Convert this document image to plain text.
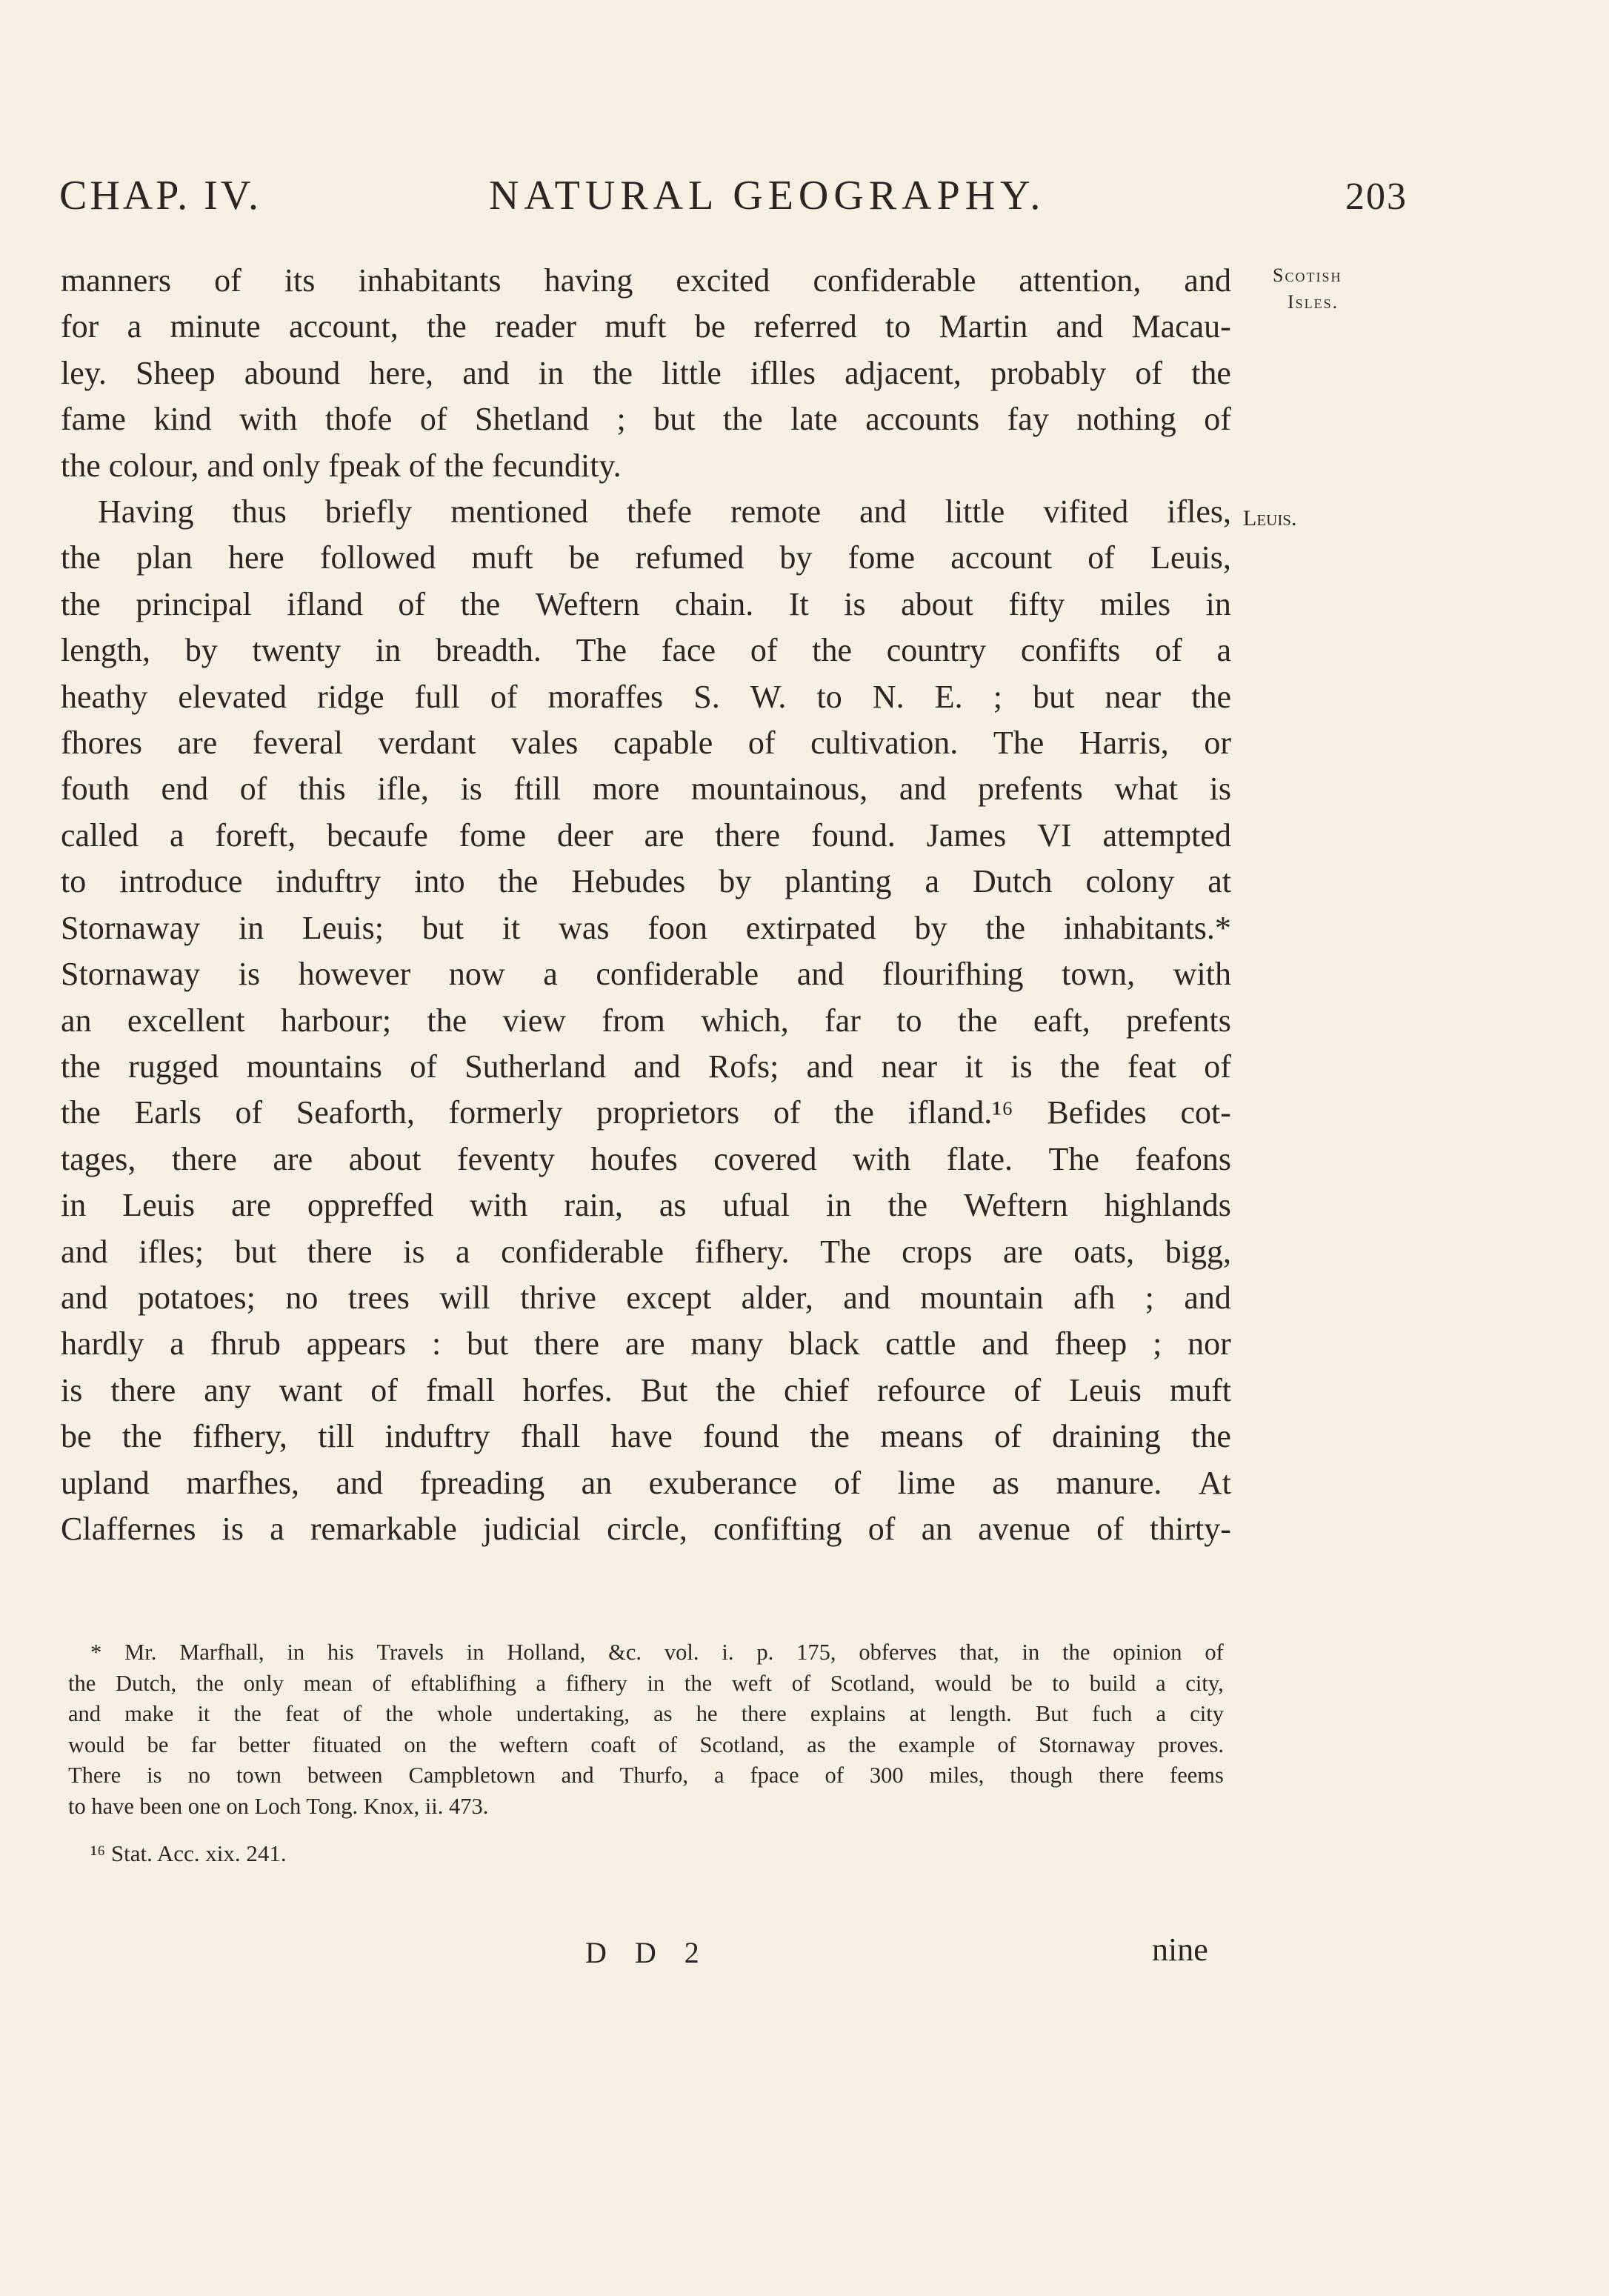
CHAP. IV.	NATURAL GEOGRAPHY.	203
Scotish
Isles.
Leuis.
manners of its inhabitants having excited confiderable attention, and
for a minute account, the reader muft be referred to Martin and Macau-
ley. Sheep abound here, and in the little iflles adjacent, probably of the
fame kind with thofe of Shetland ; but the late accounts fay nothing of
the colour, and only fpeak of the fecundity.
Having thus briefly mentioned thefe remote and little vifited ifles,
the plan here followed muft be refumed by fome account of Leuis,
the principal ifland of the Weftern chain. It is about fifty miles in
length, by twenty in breadth. The face of the country confifts of a
heathy elevated ridge full of moraffes S. W. to N. E. ; but near the
fhores are feveral verdant vales capable of cultivation. The Harris, or
fouth end of this ifle, is ftill more mountainous, and prefents what is
called a foreft, becaufe fome deer are there found. James VI attempted
to introduce induftry into the Hebudes by planting a Dutch colony at
Stornaway in Leuis; but it was foon extirpated by the inhabitants.*
Stornaway is however now a confiderable and flourifhing town, with
an excellent harbour; the view from which, far to the eaft, prefents
the rugged mountains of Sutherland and Rofs; and near it is the feat of
the Earls of Seaforth, formerly proprietors of the ifland.¹⁶ Befides cot-
tages, there are about feventy houfes covered with flate. The feafons
in Leuis are oppreffed with rain, as ufual in the Weftern highlands
and ifles; but there is a confiderable fifhery. The crops are oats, bigg,
and potatoes; no trees will thrive except alder, and mountain afh ; and
hardly a fhrub appears : but there are many black cattle and fheep ; nor
is there any want of fmall horfes. But the chief refource of Leuis muft
be the fifhery, till induftry fhall have found the means of draining the
upland marfhes, and fpreading an exuberance of lime as manure. At
Claffernes is a remarkable judicial circle, confifting of an avenue of thirty-
* Mr. Marfhall, in his Travels in Holland, &c. vol. i. p. 175, obferves that, in the opinion of
the Dutch, the only mean of eftablifhing a fifhery in the weft of Scotland, would be to build a city,
and make it the feat of the whole undertaking, as he there explains at length. But fuch a city
would be far better fituated on the weftern coaft of Scotland, as the example of Stornaway proves.
There is no town between Campbletown and Thurfo, a fpace of 300 miles, though there feems
to have been one on Loch Tong. Knox, ii. 473.
¹⁶ Stat. Acc. xix. 241.
D D 2	nine
